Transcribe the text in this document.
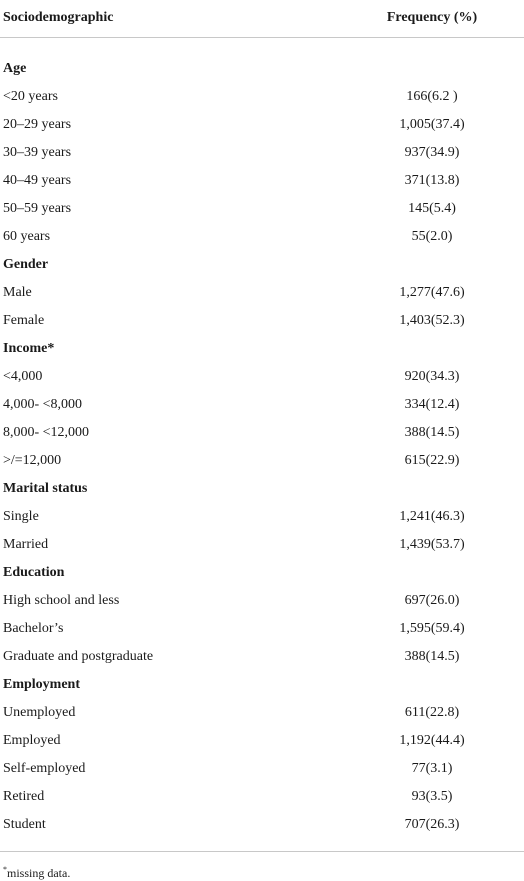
Sociodemographic	Frequency (%)
Age	
<20 years	166(6.2 )
20–29 years	1,005(37.4)
30–39 years	937(34.9)
40–49 years	371(13.8)
50–59 years	145(5.4)
60 years	55(2.0)
Gender	
Male	1,277(47.6)
Female	1,403(52.3)
Income*	
<4,000	920(34.3)
4,000- <8,000	334(12.4)
8,000- <12,000	388(14.5)
>/=12,000	615(22.9)
Marital status	
Single	1,241(46.3)
Married	1,439(53.7)
Education	
High school and less	697(26.0)
Bachelor’s	1,595(59.4)
Graduate and postgraduate	388(14.5)
Employment	
Unemployed	611(22.8)
Employed	1,192(44.4)
Self-employed	77(3.1)
Retired	93(3.5)
Student	707(26.3)
*missing data.
